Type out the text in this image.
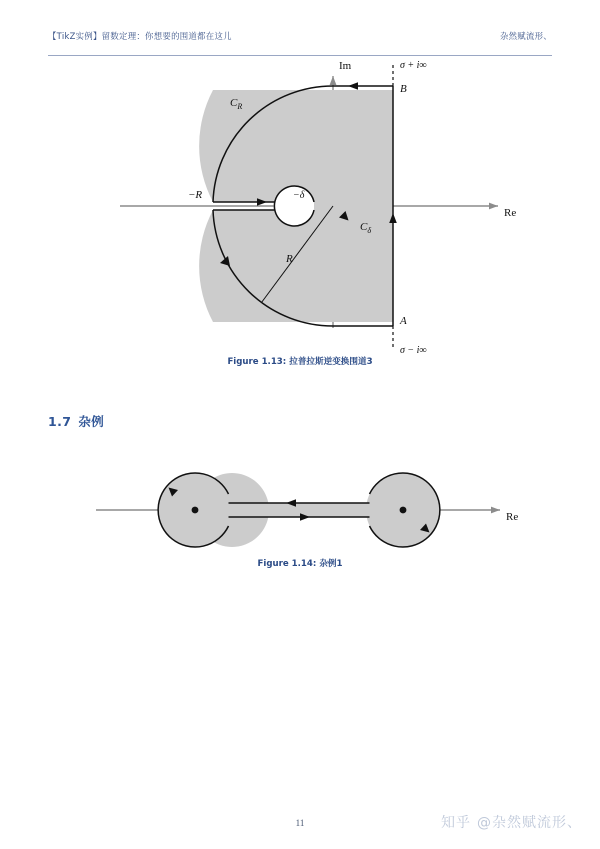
【TikZ实例】留数定理：你想要的围道都在这儿	杂然赋流形、
Im
Re
σ + i∞
σ − i∞
B
A
$C_R$
$C_\delta$
R
−R	−δ
Figure 1.13: 拉普拉斯逆变换围道3
1.7 杂例
Re
Figure 1.14: 杂例1
11	知乎 @杂然赋流形、
